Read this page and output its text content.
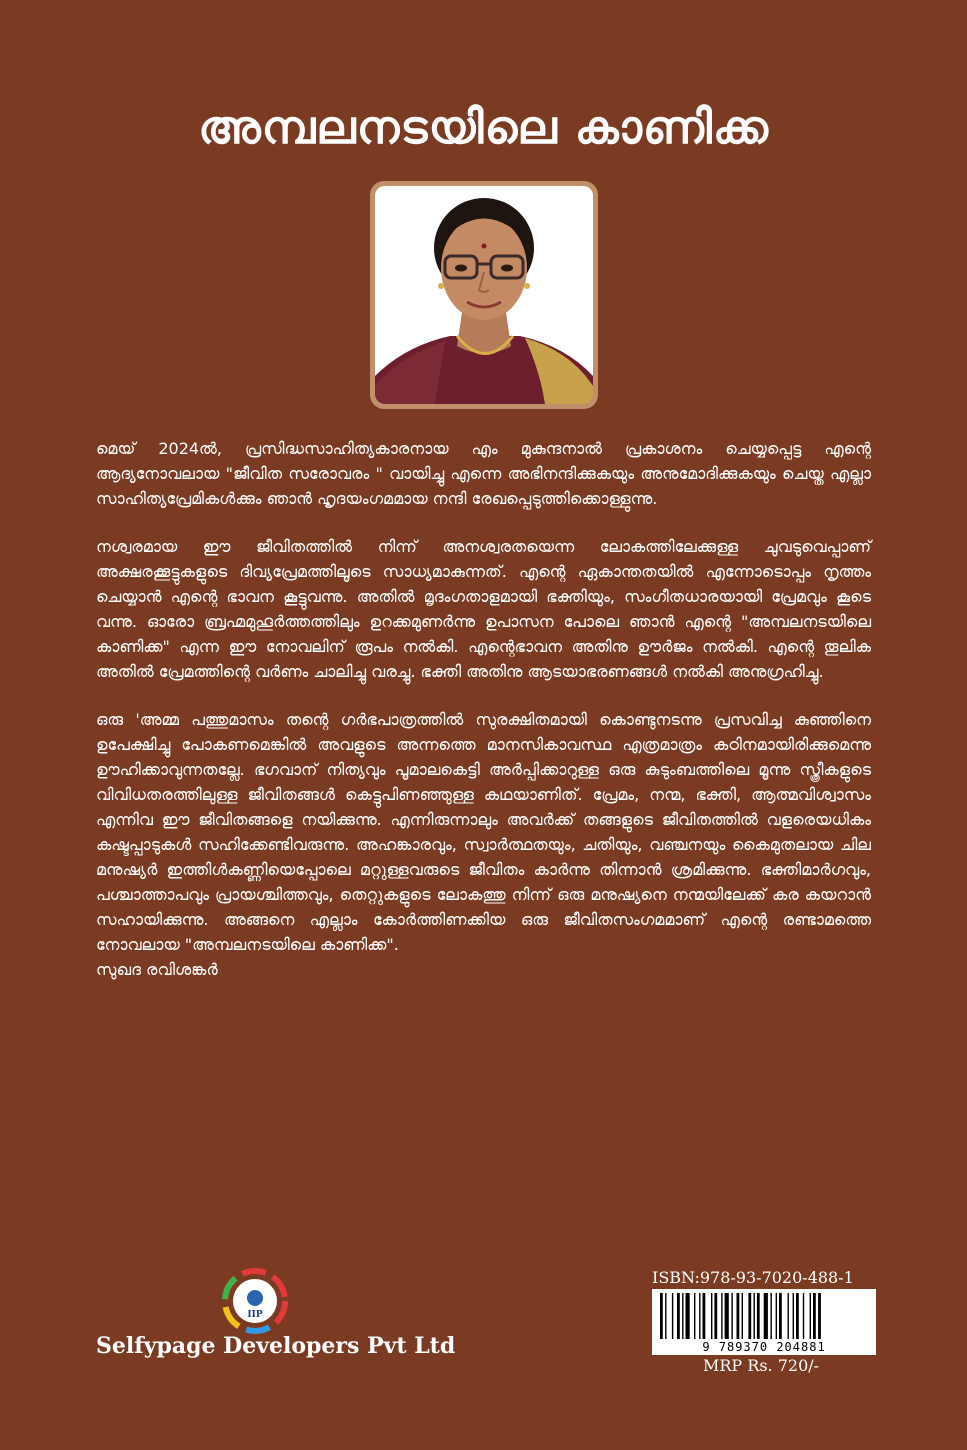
അമ്പലനടയിലെ കാണിക്ക

മെയ് 2024ൽ, പ്രസിദ്ധസാഹിത്യകാരനായ എം മുകുന്ദനാൽ പ്രകാശനം ചെയ്യപ്പെട്ട എന്റെ ആദ്യനോവലായ "ജീവിത സരോവരം " വായിച്ചു എന്നെ അഭിനന്ദിക്കുകയും അനുമോദിക്കുകയും ചെയ്ത എല്ലാ സാഹിത്യപ്രേമികൾക്കും ഞാൻ ഹൃദയംഗമമായ നന്ദി രേഖപ്പെടുത്തിക്കൊള്ളുന്നു.

നശ്വരമായ ഈ ജീവിതത്തിൽ നിന്ന് അനശ്വരതയെന്ന ലോകത്തിലേക്കുള്ള ചുവടുവെപ്പാണ് അക്ഷരക്കൂട്ടുകളുടെ ദിവ്യപ്രേമത്തിലൂടെ സാധ്യമാകുന്നത്. എന്റെ ഏകാന്തതയിൽ എന്നോടൊപ്പം നൃത്തം ചെയ്യാൻ എന്റെ ഭാവന കൂട്ടുവന്നു. അതിൽ മൃദംഗതാളമായി ഭക്തിയും, സംഗീതധാരയായി പ്രേമവും കൂടെ വന്നു. ഓരോ ബ്രഹ്മമുഹൂർത്തത്തിലും ഉറക്കമുണർന്നു ഉപാസന പോലെ ഞാൻ എന്റെ "അമ്പലനടയിലെ കാണിക്ക" എന്ന ഈ നോവലിന് രൂപം നൽകി. എന്റെഭാവന അതിനു ഊർജം നൽകി. എന്റെ തൂലിക അതിൽ പ്രേമത്തിന്റെ വർണം ചാലിച്ചു വരച്ചു. ഭക്തി അതിനു ആടയാഭരണങ്ങൾ നൽകി അനുഗ്രഹിച്ചു.

ഒരു 'അമ്മ പത്തുമാസം തന്റെ ഗർഭപാത്രത്തിൽ സുരക്ഷിതമായി കൊണ്ടുനടന്നു പ്രസവിച്ച കുഞ്ഞിനെ ഉപേക്ഷിച്ചു പോകണമെങ്കിൽ അവളുടെ അന്നത്തെ മാനസികാവസ്ഥ എത്രമാത്രം കഠിനമായിരിക്കുമെന്നു ഊഹിക്കാവുന്നതല്ലേ. ഭഗവാന് നിത്യവും പൂമാലകെട്ടി അർപ്പിക്കാറുള്ള ഒരു കുടുംബത്തിലെ മൂന്നു സ്ത്രീകളുടെ വിവിധതരത്തിലുള്ള ജീവിതങ്ങൾ കെട്ടുപിണഞ്ഞുള്ള കഥയാണിത്. പ്രേമം, നന്മ, ഭക്തി, ആത്മവിശ്വാസം എന്നിവ ഈ ജീവിതങ്ങളെ നയിക്കുന്നു. എന്നിരുന്നാലും അവർക്ക് തങ്ങളുടെ ജീവിതത്തിൽ വളരെയധികം കഷ്ടപ്പാടുകൾ സഹിക്കേണ്ടിവരുന്നു. അഹങ്കാരവും, സ്വാർത്ഥതയും, ചതിയും, വഞ്ചനയും കൈമുതലായ ചില മനുഷ്യർ ഇത്തിൾകണ്ണിയെപ്പോലെ മറ്റുള്ളവരുടെ ജീവിതം കാർന്നു തിന്നാൻ ശ്രമിക്കുന്നു. ഭക്തിമാർഗവും, പശ്ചാത്താപവും പ്രായശ്ചിത്തവും, തെറ്റുകളുടെ ലോകത്തു നിന്ന് ഒരു മനുഷ്യനെ നന്മയിലേക്ക് കര കയറാൻ സഹായിക്കുന്നു. അങ്ങനെ എല്ലാം കോർത്തിണക്കിയ ഒരു ജീവിതസംഗമമാണ് എന്റെ രണ്ടാമത്തെ നോവലായ "അമ്പലനടയിലെ കാണിക്ക".

സുഖദ രവിശങ്കർ
IIP
Selfypage Developers Pvt Ltd
ISBN:978-93-7020-488-1
9 789370 204881
MRP Rs. 720/-
